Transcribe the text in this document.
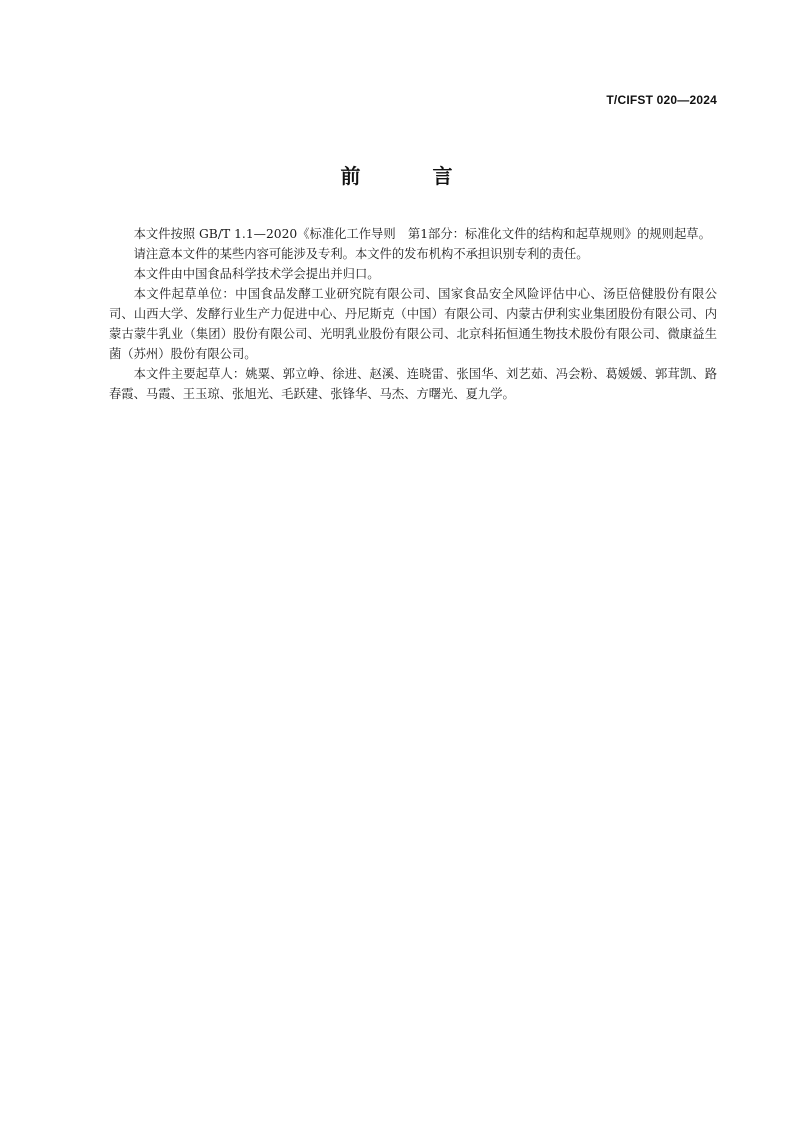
T/CIFST 020—2024
前　言

本文件按照 GB/T 1.1—2020《标准化工作导则　第1部分：标准化文件的结构和起草规则》的规则起草。

请注意本文件的某些内容可能涉及专利。本文件的发布机构不承担识别专利的责任。

本文件由中国食品科学技术学会提出并归口。

本文件起草单位：中国食品发酵工业研究院有限公司、国家食品安全风险评估中心、汤臣倍健股份有限公司、山西大学、发酵行业生产力促进中心、丹尼斯克（中国）有限公司、内蒙古伊利实业集团股份有限公司、内蒙古蒙牛乳业（集团）股份有限公司、光明乳业股份有限公司、北京科拓恒通生物技术股份有限公司、微康益生菌（苏州）股份有限公司。

本文件主要起草人：姚粟、郭立峥、徐进、赵溪、连晓雷、张国华、刘艺茹、冯会粉、葛媛媛、郭茸凯、路春霞、马霞、王玉琼、张旭光、毛跃建、张锋华、马杰、方曙光、夏九学。
